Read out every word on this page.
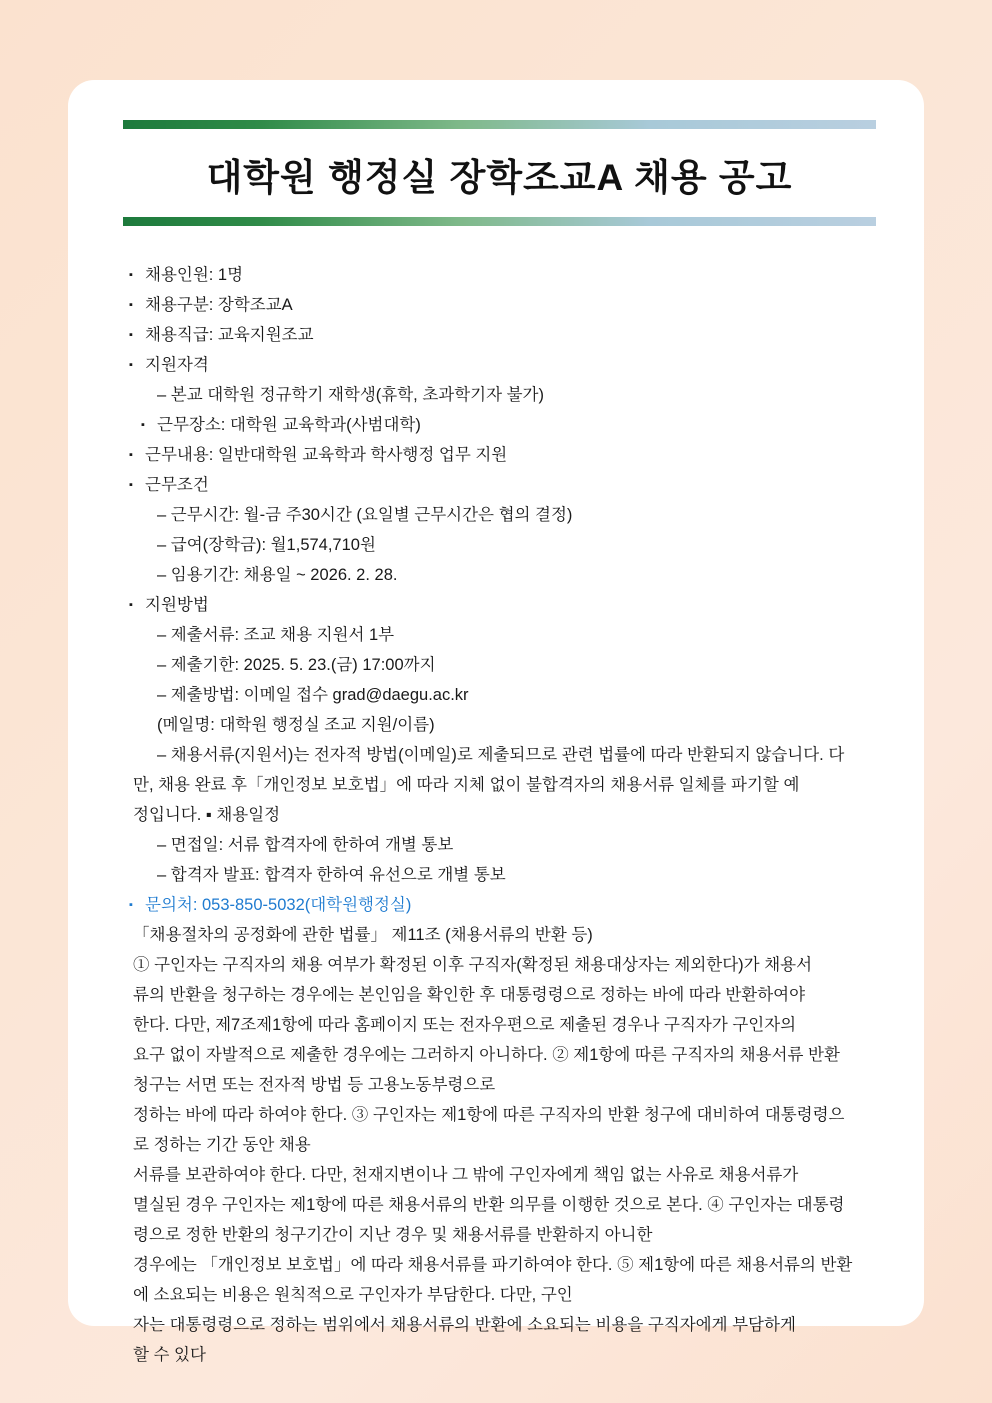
대학원 행정실 장학조교A 채용 공고
▪ 채용인원: 1명
▪ 채용구분: 장학조교A
▪ 채용직급: 교육지원조교
▪ 지원자격
– 본교 대학원 정규학기 재학생(휴학, 초과학기자 불가)
▪ 근무장소: 대학원 교육학과(사범대학)
▪ 근무내용: 일반대학원 교육학과 학사행정 업무 지원
▪ 근무조건
– 근무시간: 월-금 주30시간 (요일별 근무시간은 협의 결정)
– 급여(장학금): 월1,574,710원
– 임용기간: 채용일 ~ 2026. 2. 28.
▪ 지원방법
– 제출서류: 조교 채용 지원서 1부
– 제출기한: 2025. 5. 23.(금) 17:00까지
– 제출방법: 이메일 접수 grad@daegu.ac.kr
(메일명: 대학원 행정실 조교 지원/이름)
– 채용서류(지원서)는 전자적 방법(이메일)로 제출되므로 관련 법률에 따라 반환되지 않습니다. 다
만, 채용 완료 후「개인정보 보호법」에 따라 지체 없이 불합격자의 채용서류 일체를 파기할 예
정입니다. ▪ 채용일정
– 면접일: 서류 합격자에 한하여 개별 통보
– 합격자 발표: 합격자 한하여 유선으로 개별 통보
▪ 문의처: 053-850-5032(대학원행정실)
「채용절차의 공정화에 관한 법률」 제11조 (채용서류의 반환 등)
① 구인자는 구직자의 채용 여부가 확정된 이후 구직자(확정된 채용대상자는 제외한다)가 채용서
류의 반환을 청구하는 경우에는 본인임을 확인한 후 대통령령으로 정하는 바에 따라 반환하여야
한다. 다만, 제7조제1항에 따라 홈페이지 또는 전자우편으로 제출된 경우나 구직자가 구인자의
요구 없이 자발적으로 제출한 경우에는 그러하지 아니하다. ② 제1항에 따른 구직자의 채용서류 반환
청구는 서면 또는 전자적 방법 등 고용노동부령으로
정하는 바에 따라 하여야 한다. ③ 구인자는 제1항에 따른 구직자의 반환 청구에 대비하여 대통령령으
로 정하는 기간 동안 채용
서류를 보관하여야 한다. 다만, 천재지변이나 그 밖에 구인자에게 책임 없는 사유로 채용서류가
멸실된 경우 구인자는 제1항에 따른 채용서류의 반환 의무를 이행한 것으로 본다. ④ 구인자는 대통령
령으로 정한 반환의 청구기간이 지난 경우 및 채용서류를 반환하지 아니한
경우에는 「개인정보 보호법」에 따라 채용서류를 파기하여야 한다. ⑤ 제1항에 따른 채용서류의 반환
에 소요되는 비용은 원칙적으로 구인자가 부담한다. 다만, 구인
자는 대통령령으로 정하는 범위에서 채용서류의 반환에 소요되는 비용을 구직자에게 부담하게
할 수 있다
